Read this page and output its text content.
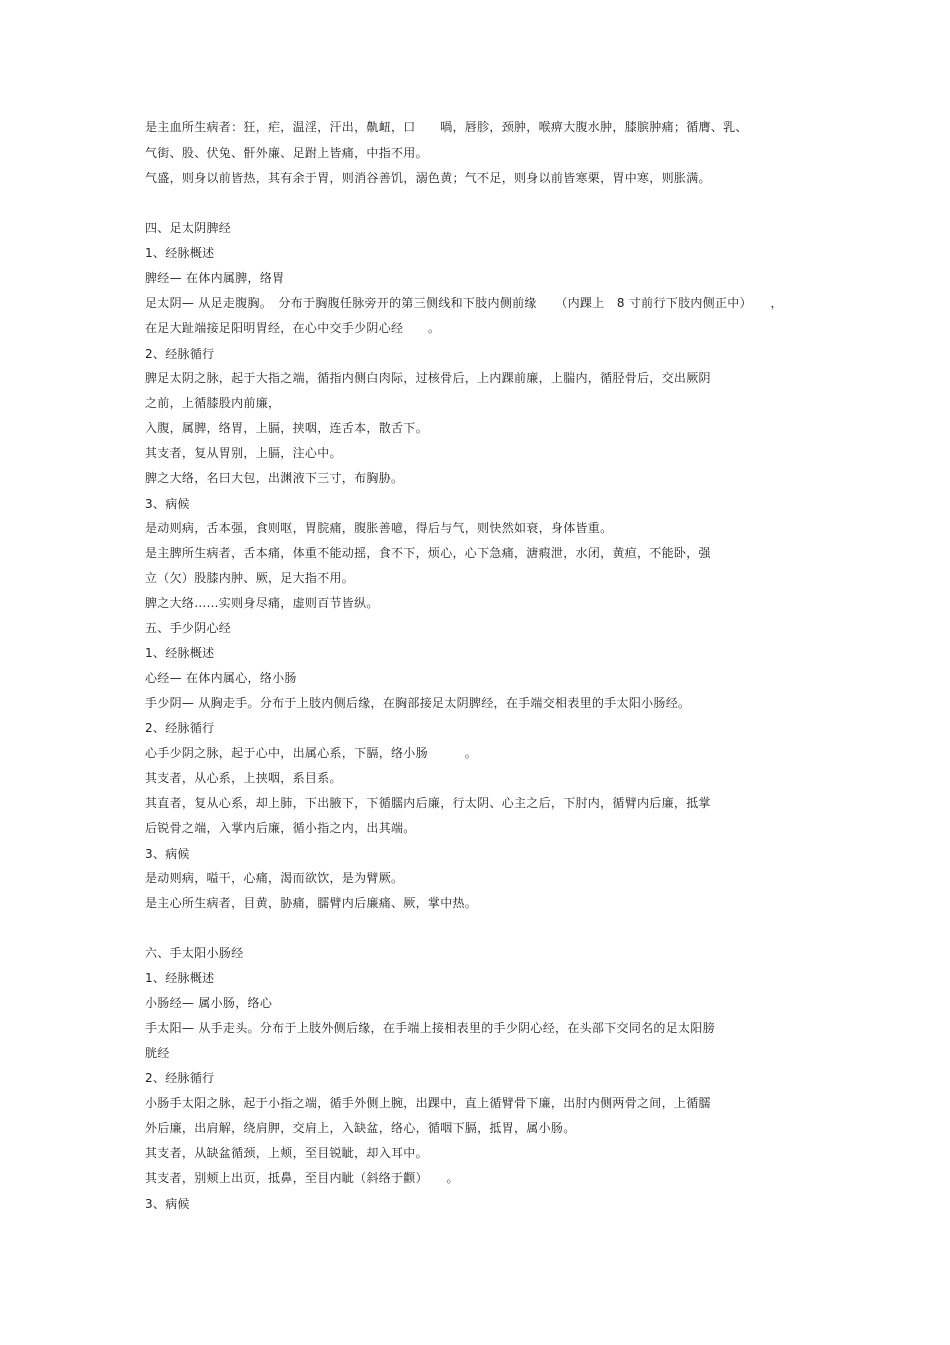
是主血所生病者：狂，疟，温淫，汗出，鼽衄，口　　喎，唇胗，颈肿，喉痹大腹水肿，膝膑肿痛；循膺、乳、
气街、股、伏兔、骭外廉、足跗上皆痛，中指不用。
气盛，则身以前皆热，其有余于胃，则消谷善饥，溺色黄；气不足，则身以前皆寒栗，胃中寒，则胀满。
四、足太阴脾经
1、经脉概述
脾经— 在体内属脾，络胃
足太阴— 从足走腹胸。　分布于胸腹任脉旁开的第三侧线和下肢内侧前缘　　（内踝上　8 寸前行下肢内侧正中）　　，
在足大趾端接足阳明胃经，在心中交手少阴心经　　。
2、经脉循行
脾足太阴之脉，起于大指之端，循指内侧白肉际，过核骨后，上内踝前廉，上腨内，循胫骨后，交出厥阴
之前，上循膝股内前廉，
入腹，属脾，络胃，上膈，挟咽，连舌本，散舌下。
其支者，复从胃别，上膈，注心中。
脾之大络，名曰大包，出渊液下三寸，布胸胁。
3、病候
是动则病，舌本强，食则呕，胃脘痛，腹胀善噫，得后与气，则快然如衰，身体皆重。
是主脾所生病者，舌本痛，体重不能动摇，食不下，烦心，心下急痛，溏瘕泄，水闭，黄疸，不能卧，强
立（欠）股膝内肿、厥，足大指不用。
脾之大络……实则身尽痛，虚则百节皆纵。
五、手少阴心经
1、经脉概述
心经— 在体内属心，络小肠
手少阴— 从胸走手。分布于上肢内侧后缘，在胸部接足太阴脾经，在手端交相表里的手太阳小肠经。
2、经脉循行
心手少阴之脉，起于心中，出属心系，下膈，络小肠　　　。
其支者，从心系，上挟咽，系目系。
其直者，复从心系，却上肺，下出腋下，下循臑内后廉，行太阴、心主之后，下肘内，循臂内后廉，抵掌
后锐骨之端，入掌内后廉，循小指之内，出其端。
3、病候
是动则病，嗌干，心痛，渴而欲饮，是为臂厥。
是主心所生病者，目黄，胁痛，臑臂内后廉痛、厥，掌中热。
六、手太阳小肠经
1、经脉概述
小肠经— 属小肠，络心
手太阳— 从手走头。分布于上肢外侧后缘，在手端上接相表里的手少阴心经，在头部下交同名的足太阳膀
胱经
2、经脉循行
小肠手太阳之脉，起于小指之端，循手外侧上腕，出踝中，直上循臂骨下廉，出肘内侧两骨之间，上循臑
外后廉，出肩解，绕肩胛，交肩上，入缺盆，络心，循咽下膈，抵胃，属小肠。
其支者，从缺盆循颈，上颊，至目锐眦，却入耳中。
其支者，别颊上出页，抵鼻，至目内眦（斜络于颧）　　。
3、病候
